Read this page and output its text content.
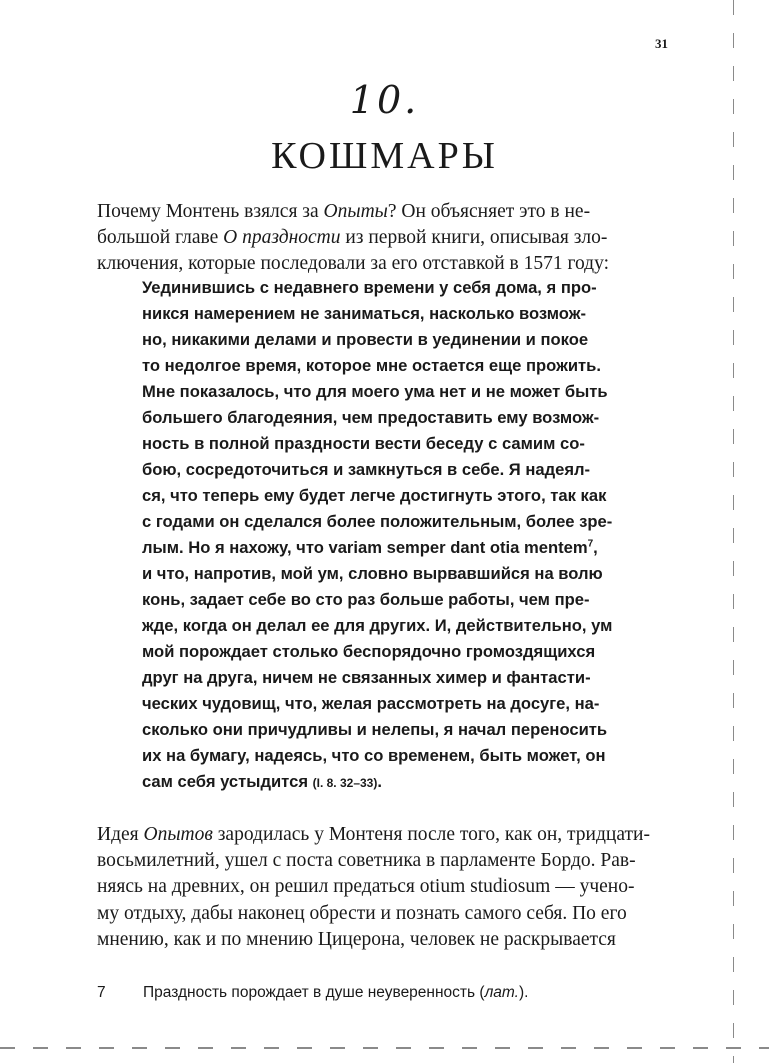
31
10.
КОШМАРЫ

Почему Монтень взялся за Опыты? Он объясняет это в не-
большой главе О праздности из первой книги, описывая зло-
ключения, которые последовали за его отставкой в 1571 году:

Уединившись с недавнего времени у себя дома, я про-
никся намерением не заниматься, насколько возмож-
но, никакими делами и провести в уединении и покое
то недолгое время, которое мне остается еще прожить.
Мне показалось, что для моего ума нет и не может быть
большего благодеяния, чем предоставить ему возмож-
ность в полной праздности вести беседу с самим со-
бою, сосредоточиться и замкнуться в себе. Я надеял-
ся, что теперь ему будет легче достигнуть этого, так как
с годами он сделался более положительным, более зре-
лым. Но я нахожу, что variam semper dant otia mentem$^7$,
и что, напротив, мой ум, словно вырвавшийся на волю
конь, задает себе во сто раз больше работы, чем пре-
жде, когда он делал ее для других. И, действительно, ум
мой порождает столько беспорядочно громоздящихся
друг на друга, ничем не связанных химер и фантасти-
ческих чудовищ, что, желая рассмотреть на досуге, на-
сколько они причудливы и нелепы, я начал переносить
их на бумагу, надеясь, что со временем, быть может, он
сам себя устыдится (I. 8. 32–33).

Идея Опытов зародилась у Монтеня после того, как он, тридцати-
восьмилетний, ушел с поста советника в парламенте Бордо. Рав-
няясь на древних, он решил предаться otium studiosum — учено-
му отдыху, дабы наконец обрести и познать самого себя. По его
мнению, как и по мнению Цицерона, человек не раскрывается

7 Праздность порождает в душе неуверенность (лат.).
